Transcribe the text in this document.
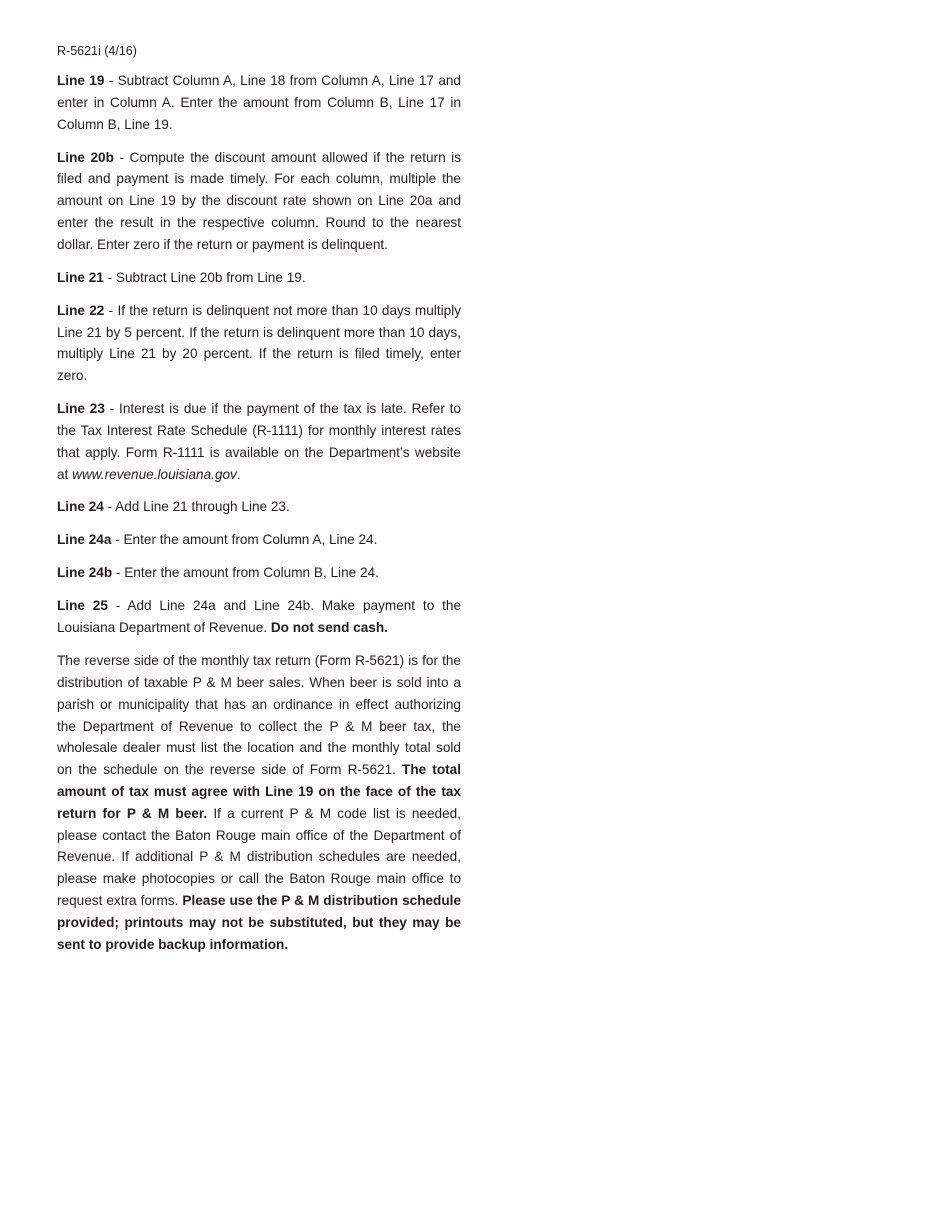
R-5621i (4/16)

Line 19 - Subtract Column A, Line 18 from Column A, Line 17 and enter in Column A. Enter the amount from Column B, Line 17 in Column B, Line 19.

Line 20b - Compute the discount amount allowed if the return is filed and payment is made timely. For each column, multiple the amount on Line 19 by the discount rate shown on Line 20a and enter the result in the respective column. Round to the nearest dollar. Enter zero if the return or payment is delinquent.

Line 21 - Subtract Line 20b from Line 19.

Line 22 - If the return is delinquent not more than 10 days multiply Line 21 by 5 percent. If the return is delinquent more than 10 days, multiply Line 21 by 20 percent. If the return is filed timely, enter zero.

Line 23 - Interest is due if the payment of the tax is late. Refer to the Tax Interest Rate Schedule (R-1111) for monthly interest rates that apply. Form R-1111 is available on the Department’s website at www.revenue.louisiana.gov.

Line 24 - Add Line 21 through Line 23.

Line 24a - Enter the amount from Column A, Line 24.

Line 24b - Enter the amount from Column B, Line 24.

Line 25 - Add Line 24a and Line 24b. Make payment to the Louisiana Department of Revenue. Do not send cash.

The reverse side of the monthly tax return (Form R-5621) is for the distribution of taxable P & M beer sales. When beer is sold into a parish or municipality that has an ordinance in effect authorizing the Department of Revenue to collect the P & M beer tax, the wholesale dealer must list the location and the monthly total sold on the schedule on the reverse side of Form R-5621. The total amount of tax must agree with Line 19 on the face of the tax return for P & M beer. If a current P & M code list is needed, please contact the Baton Rouge main office of the Department of Revenue. If additional P & M distribution schedules are needed, please make photocopies or call the Baton Rouge main office to request extra forms. Please use the P & M distribution schedule provided; printouts may not be substituted, but they may be sent to provide backup information.
